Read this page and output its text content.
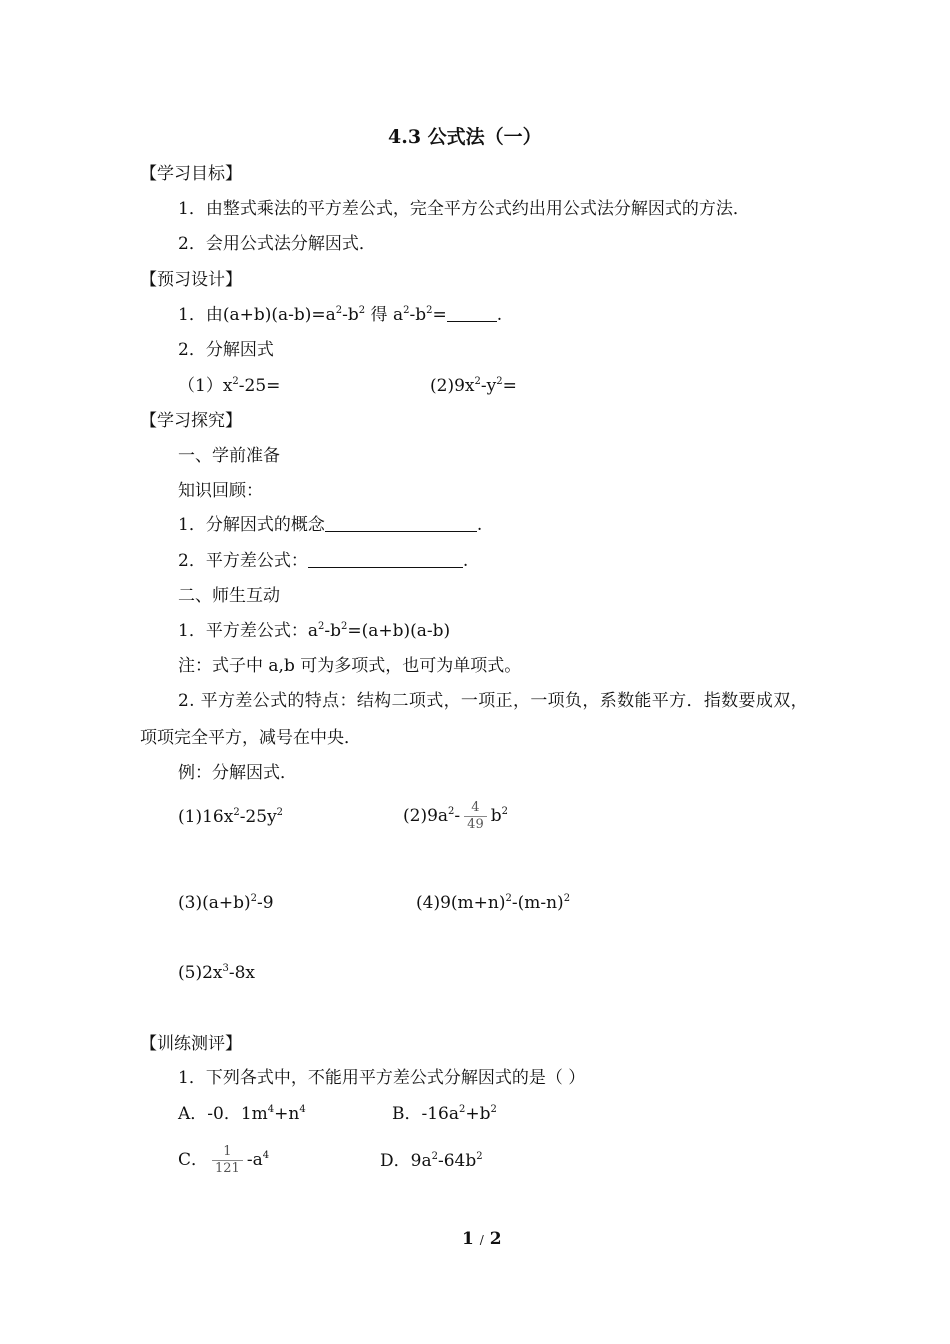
4.3 公式法（一）
【学习目标】
1．由整式乘法的平方差公式，完全平方公式约出用公式法分解因式的方法．
2．会用公式法分解因式．
【预习设计】
1．由$(a+b)(a-b)=a^2-b^2$ 得 $a^2-b^2=$	.
2．分解因式
$(1)x^2-25=$	$(2)9x^2-y^2=$
【学习探究】
一、学前准备
知识回顾：
1．分解因式的概念	.
2．平方差公式：	.
二、师生互动
1．平方差公式：$a^2-b^2=(a+b)(a-b)$
注：式子中 a,b 可为多项式，也可为单项式。
2. 平方差公式的特点：结构二项式，一项正，一项负，系数能平方．指数要成双，
项项完全平方，减号在中央．
例：分解因式．
$(1)16x^2-25y^2$	$(2)9a^2- \frac{4}{49} b^2$
$(3)(a+b)^2-9$	$(4)9(m+n)^2-(m-n)^2$
$(5)2x^3-8x$
【训练测评】
1．下列各式中，不能用平方差公式分解因式的是（ ）
A．-0．$1m^4+n^4$	B．$-16a^2+b^2$
C． $\frac{1}{121} -a^4$	D．$9a^2-64b^2$
1 / 2
